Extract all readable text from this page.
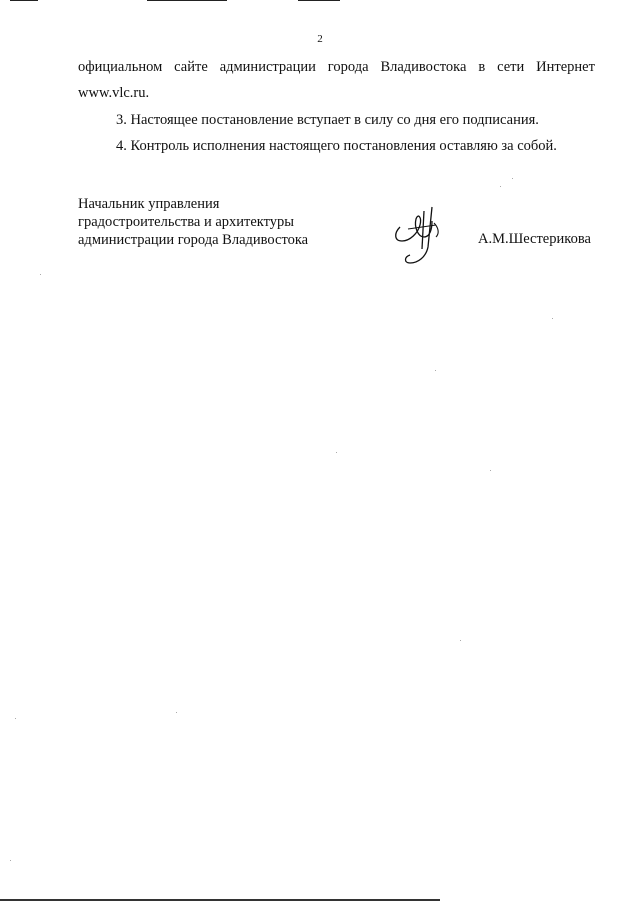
2
официальном сайте администрации города Владивостока в сети Интернет
www.vlc.ru.
3. Настоящее постановление вступает в силу со дня его подписания.
4. Контроль исполнения настоящего постановления оставляю за собой.
Начальник управления
градостроительства и архитектуры
администрации города Владивостока	А.М.Шестерикова
